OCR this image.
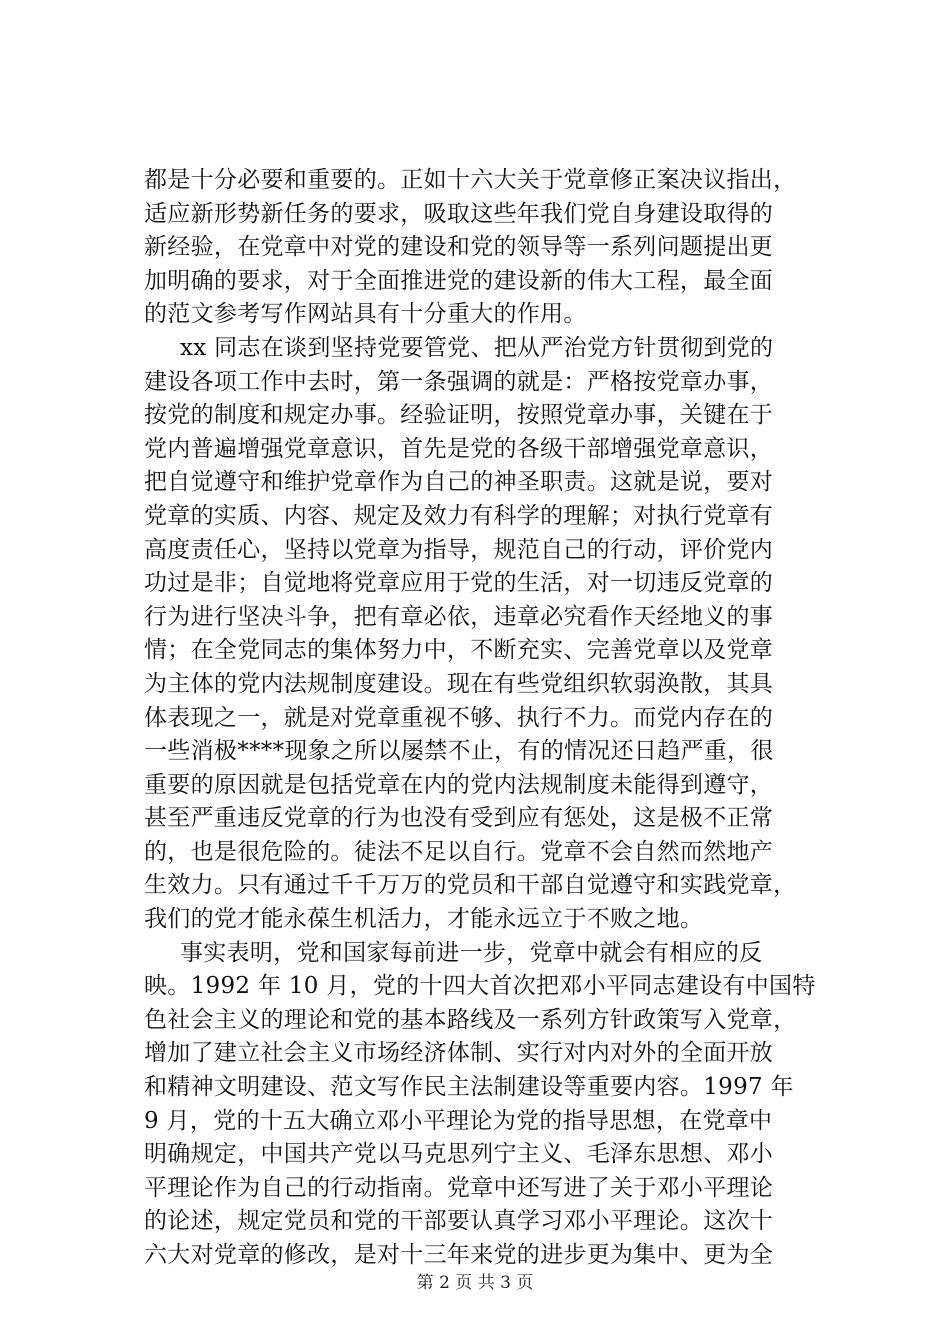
都是十分必要和重要的。正如十六大关于党章修正案决议指出，
适应新形势新任务的要求，吸取这些年我们党自身建设取得的
新经验，在党章中对党的建设和党的领导等一系列问题提出更
加明确的要求，对于全面推进党的建设新的伟大工程，最全面
的范文参考写作网站具有十分重大的作用。
xx 同志在谈到坚持党要管党、把从严治党方针贯彻到党的
建设各项工作中去时，第一条强调的就是：严格按党章办事，
按党的制度和规定办事。经验证明，按照党章办事，关键在于
党内普遍增强党章意识，首先是党的各级干部增强党章意识，
把自觉遵守和维护党章作为自己的神圣职责。这就是说，要对
党章的实质、内容、规定及效力有科学的理解；对执行党章有
高度责任心，坚持以党章为指导，规范自己的行动，评价党内
功过是非；自觉地将党章应用于党的生活，对一切违反党章的
行为进行坚决斗争，把有章必依，违章必究看作天经地义的事
情；在全党同志的集体努力中，不断充实、完善党章以及党章
为主体的党内法规制度建设。现在有些党组织软弱涣散，其具
体表现之一，就是对党章重视不够、执行不力。而党内存在的
一些消极****现象之所以屡禁不止，有的情况还日趋严重，很
重要的原因就是包括党章在内的党内法规制度未能得到遵守，
甚至严重违反党章的行为也没有受到应有惩处，这是极不正常
的，也是很危险的。徒法不足以自行。党章不会自然而然地产
生效力。只有通过千千万万的党员和干部自觉遵守和实践党章，
我们的党才能永葆生机活力，才能永远立于不败之地。
事实表明，党和国家每前进一步，党章中就会有相应的反
映。1992 年 10 月，党的十四大首次把邓小平同志建设有中国特
色社会主义的理论和党的基本路线及一系列方针政策写入党章，
增加了建立社会主义市场经济体制、实行对内对外的全面开放
和精神文明建设、范文写作民主法制建设等重要内容。1997 年
9 月，党的十五大确立邓小平理论为党的指导思想，在党章中
明确规定，中国共产党以马克思列宁主义、毛泽东思想、邓小
平理论作为自己的行动指南。党章中还写进了关于邓小平理论
的论述，规定党员和党的干部要认真学习邓小平理论。这次十
六大对党章的修改，是对十三年来党的进步更为集中、更为全
第 2 页 共 3 页
